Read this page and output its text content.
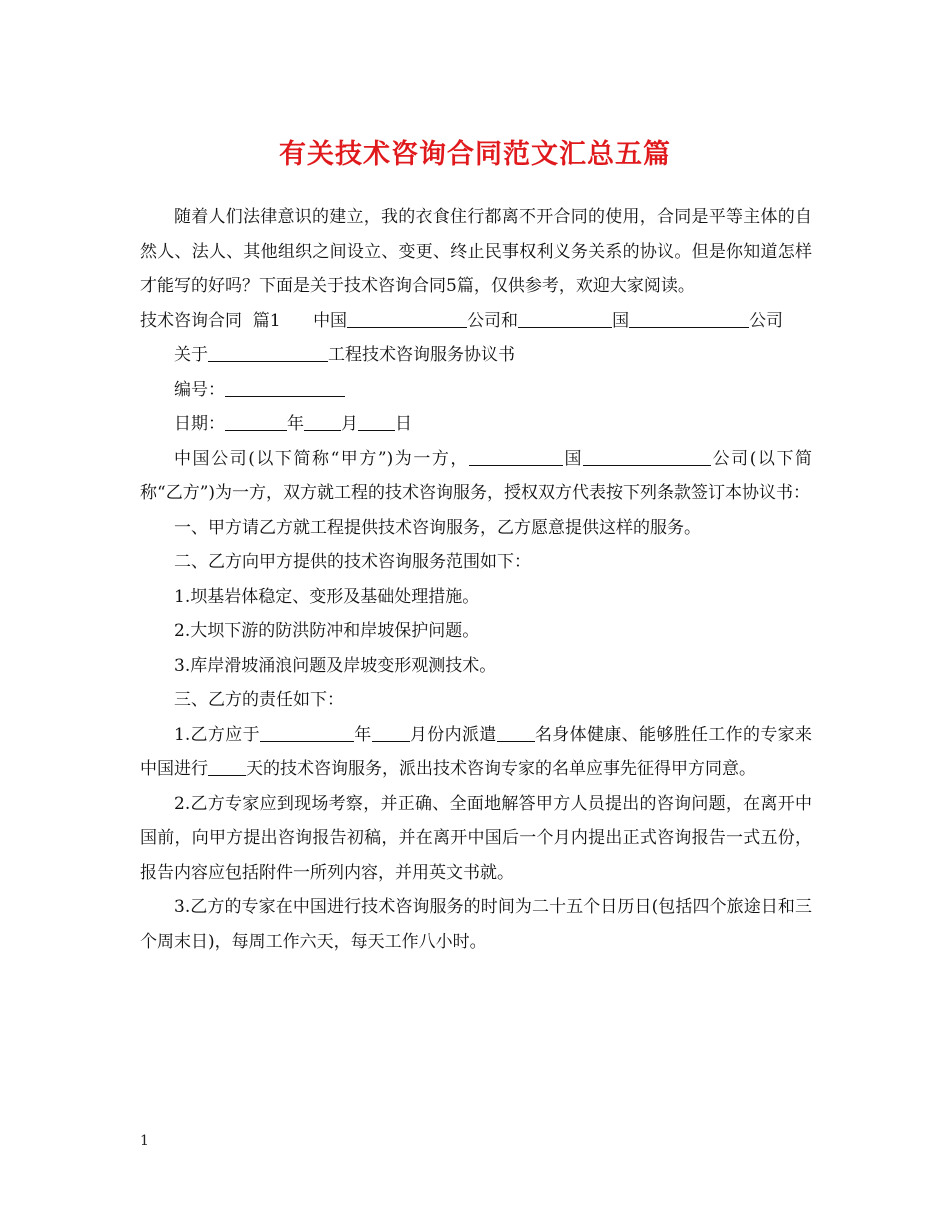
有关技术咨询合同范文汇总五篇

随着人们法律意识的建立，我的衣食住行都离不开合同的使用，合同是平等主体的自然人、法人、其他组织之间设立、变更、终止民事权利义务关系的协议。但是你知道怎样才能写的好吗？下面是关于技术咨询合同5篇，仅供参考，欢迎大家阅读。

技术咨询合同  篇1 中国	公司和	国	公司

关于	工程技术咨询服务协议书

编号：

日期：	年 月 日

中国公司(以下简称“甲方”)为一方，	国	公司(以下简称“乙方”)为一方，双方就工程的技术咨询服务，授权双方代表按下列条款签订本协议书：

一、甲方请乙方就工程提供技术咨询服务，乙方愿意提供这样的服务。

二、乙方向甲方提供的技术咨询服务范围如下：

1.坝基岩体稳定、变形及基础处理措施。

2.大坝下游的防洪防冲和岸坡保护问题。

3.库岸滑坡涌浪问题及岸坡变形观测技术。

三、乙方的责任如下：

1.乙方应于	年 月份内派遣 名身体健康、能够胜任工作的专家来中国进行 天的技术咨询服务，派出技术咨询专家的名单应事先征得甲方同意。

2.乙方专家应到现场考察，并正确、全面地解答甲方人员提出的咨询问题，在离开中国前，向甲方提出咨询报告初稿，并在离开中国后一个月内提出正式咨询报告一式五份，报告内容应包括附件一所列内容，并用英文书就。

3.乙方的专家在中国进行技术咨询服务的时间为二十五个日历日(包括四个旅途日和三个周末日)，每周工作六天，每天工作八小时。

1
